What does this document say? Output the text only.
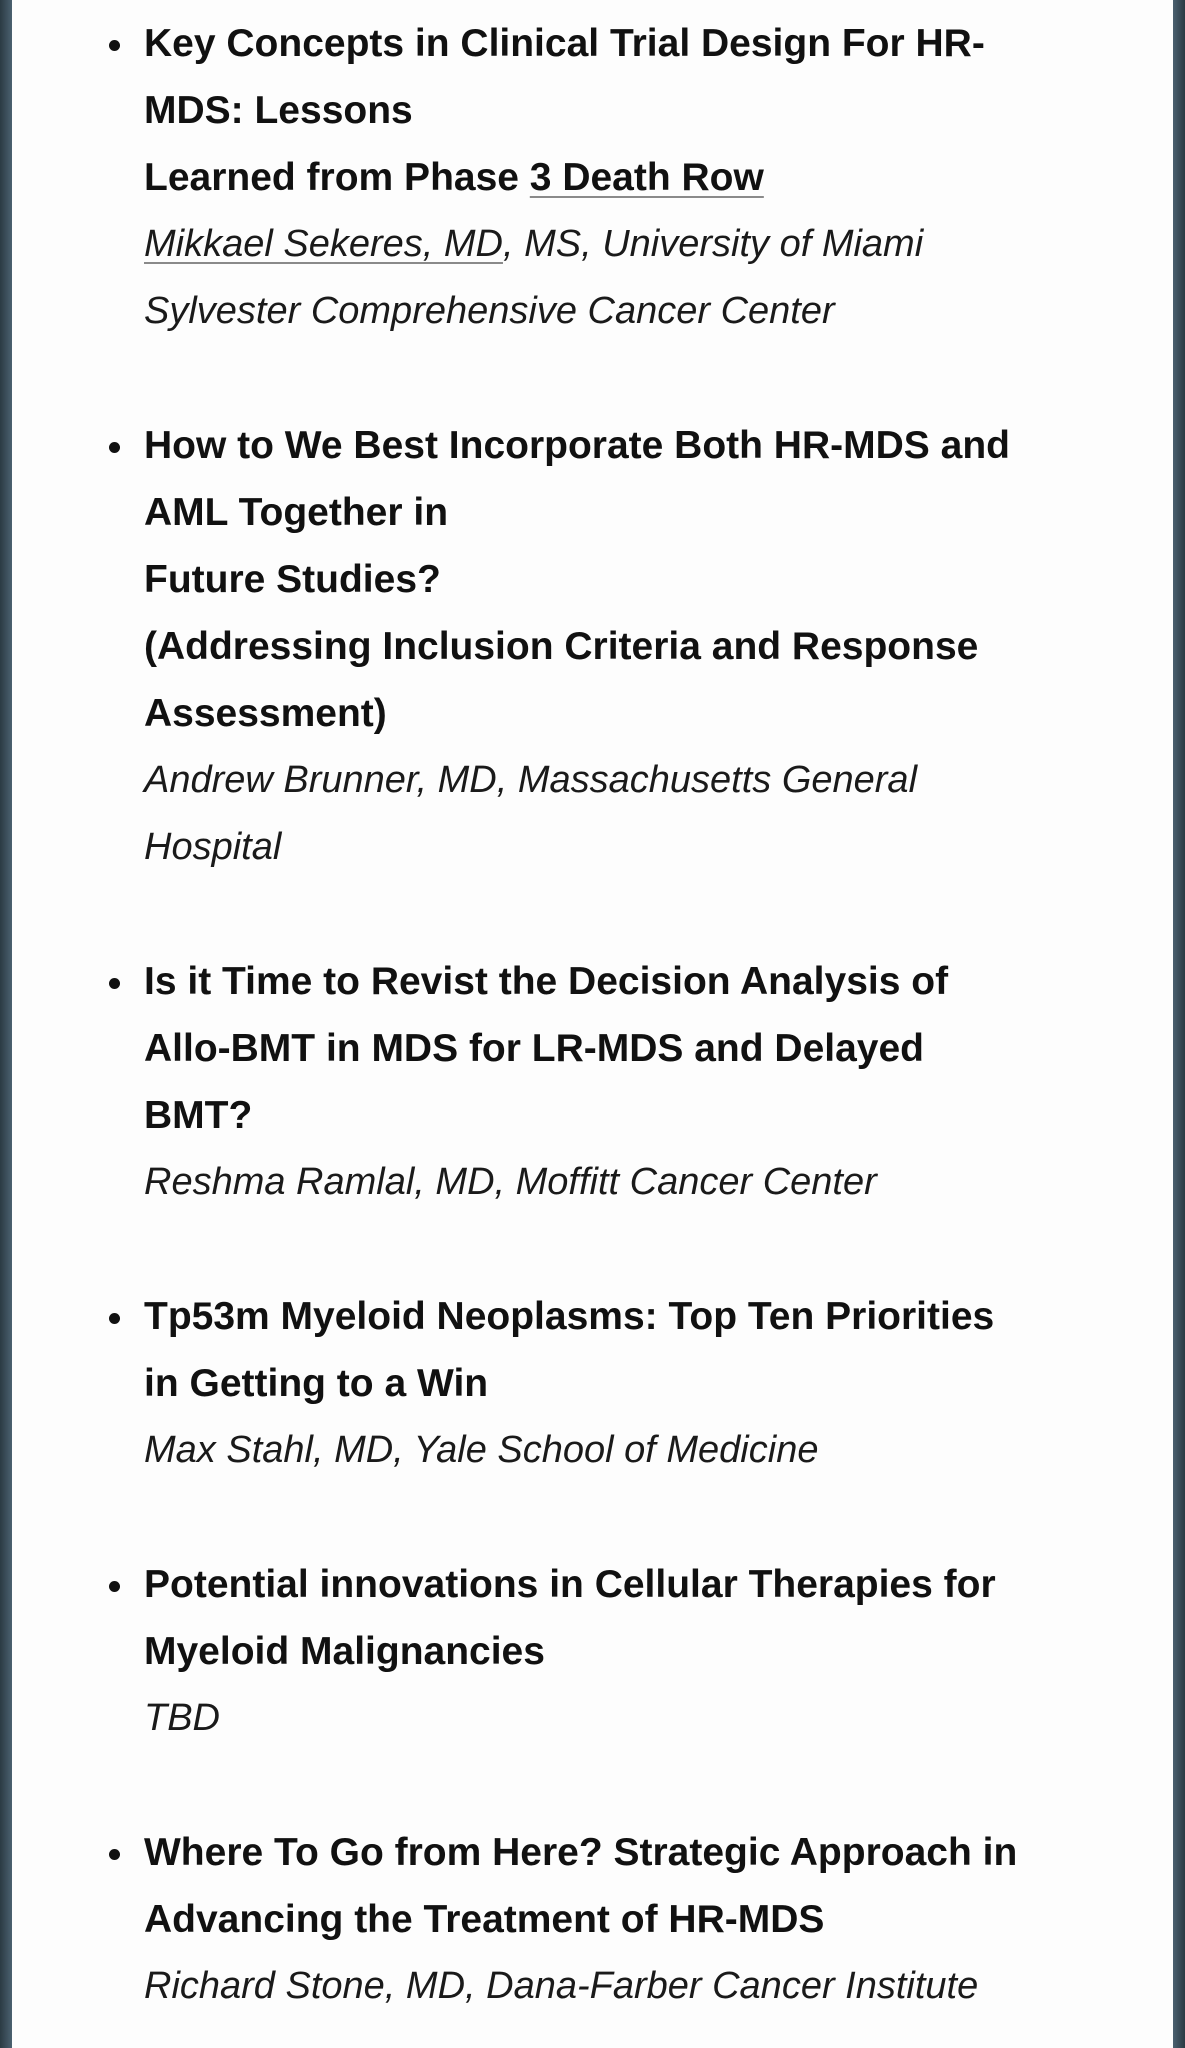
Key Concepts in Clinical Trial Design For HR-
MDS: Lessons
Learned from Phase 3 Death Row
Mikkael Sekeres, MD, MS, University of Miami
Sylvester Comprehensive Cancer Center
How to We Best Incorporate Both HR-MDS and
AML Together in
Future Studies?
(Addressing Inclusion Criteria and Response
Assessment)
Andrew Brunner, MD, Massachusetts General
Hospital
Is it Time to Revist the Decision Analysis of
Allo-BMT in MDS for LR-MDS and Delayed
BMT?
Reshma Ramlal, MD, Moffitt Cancer Center
Tp53m Myeloid Neoplasms: Top Ten Priorities
in Getting to a Win
Max Stahl, MD, Yale School of Medicine
Potential innovations in Cellular Therapies for
Myeloid Malignancies
TBD
Where To Go from Here? Strategic Approach in
Advancing the Treatment of HR-MDS
Richard Stone, MD, Dana-Farber Cancer Institute
